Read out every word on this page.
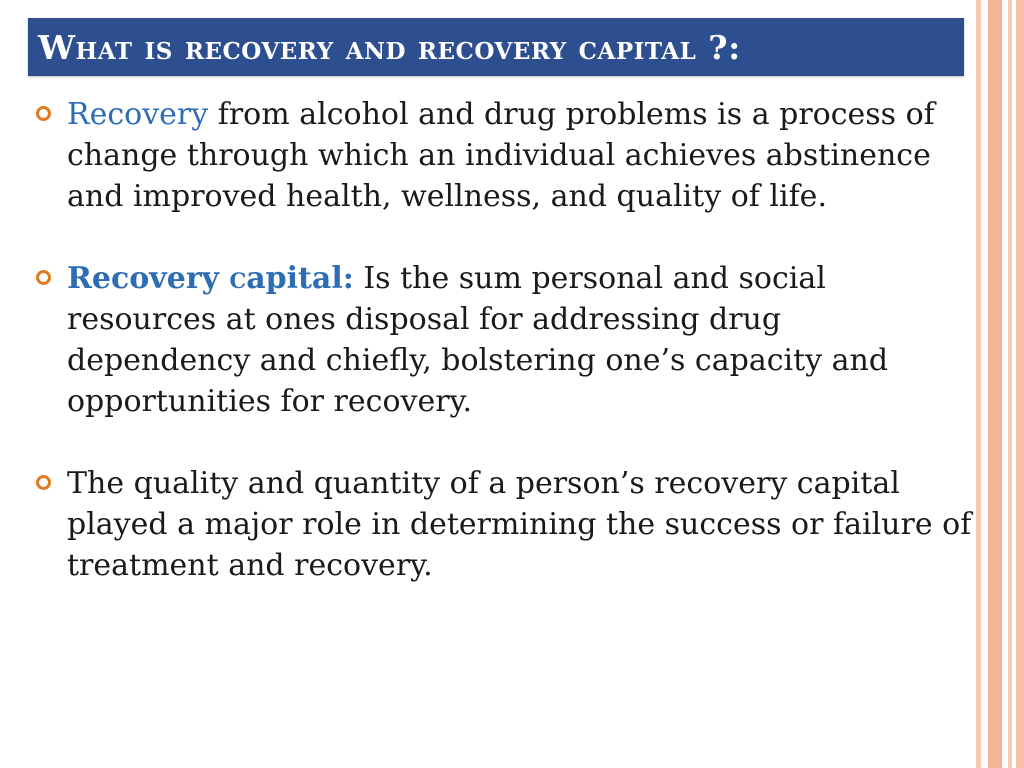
What is recovery and recovery capital ?:
Recovery from alcohol and drug problems is a process of change through which an individual achieves abstinence and improved health, wellness, and quality of life.
Recovery capital: Is the sum personal and social resources at ones disposal for addressing drug dependency and chiefly, bolstering one’s capacity and opportunities for recovery.
The quality and quantity of a person’s recovery capital played a major role in determining the success or failure of treatment and recovery.
